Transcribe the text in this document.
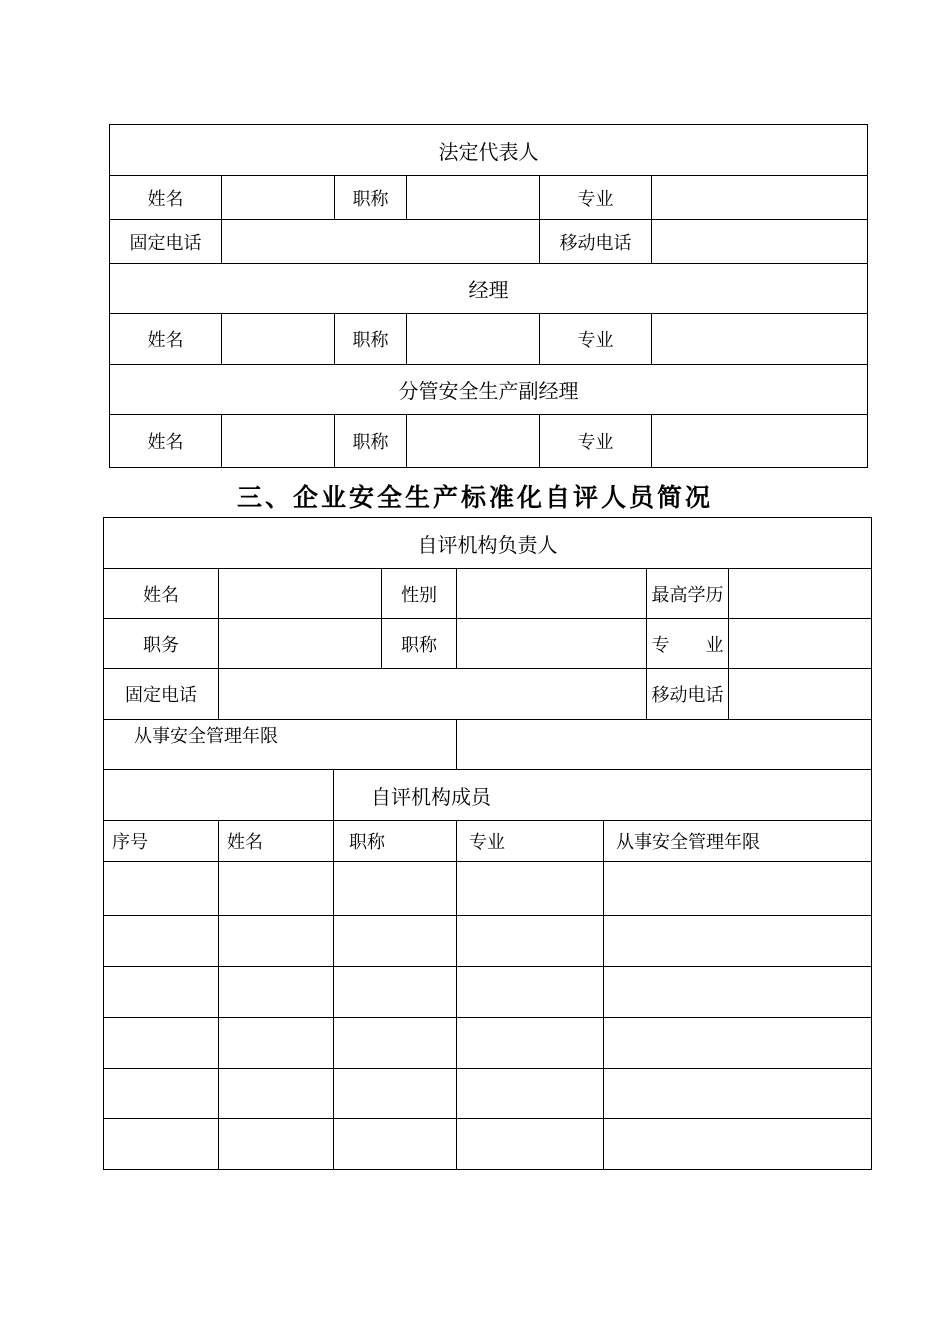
法定代表人					
姓名		职称		专业	
固定电话				移动电话	
经理					
姓名		职称		专业	
分管安全生产副经理					
姓名		职称		专业	
三、企业安全生产标准化自评人员简况
自评机构负责人							
姓名			性别			最高学历	
职务			职称			专　　业	
固定电话						移动电话	
从事安全管理年限							
		自评机构成员					
序号	姓名	职称		专业	从事安全管理年限		
